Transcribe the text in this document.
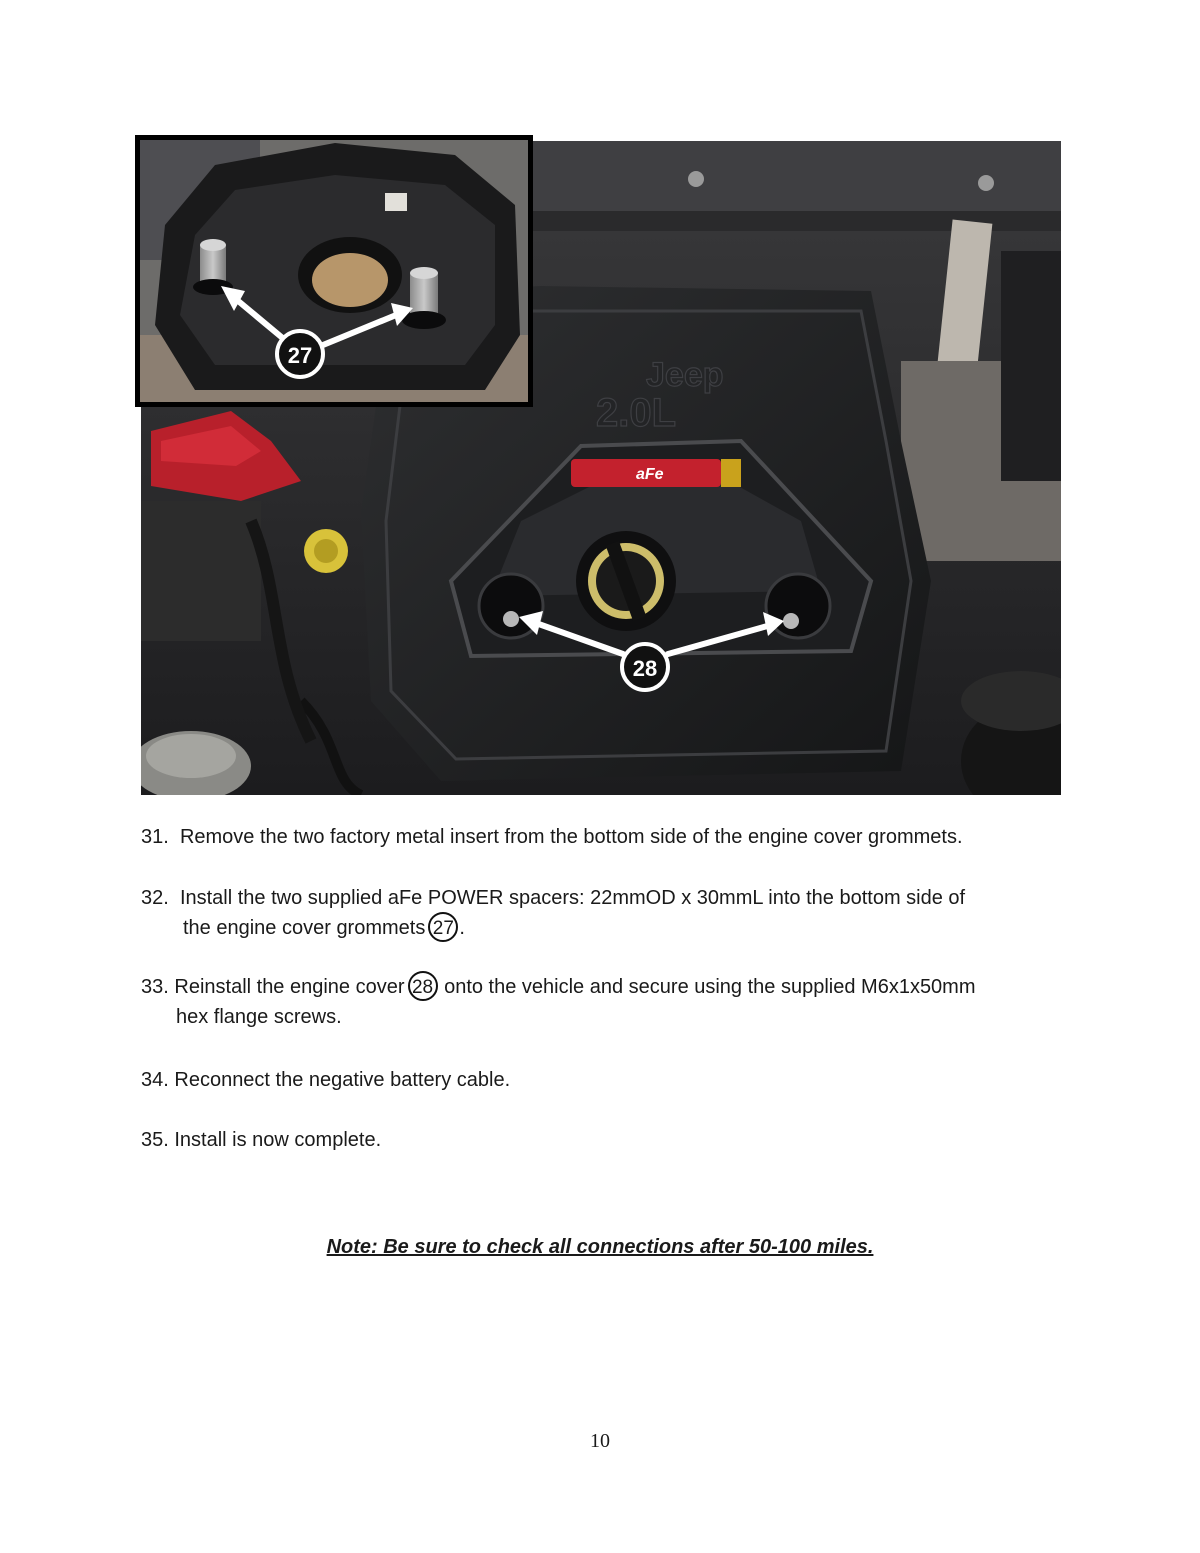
Jeep
2.0L
aFe
28
27
31. Remove the two factory metal insert from the bottom side of the engine cover grommets.
32. Install the two supplied aFe POWER spacers: 22mmOD x 30mmL into the bottom side of
the engine cover grommets 27 .
33. Reinstall the engine cover 28 onto the vehicle and secure using the supplied M6x1x50mm
hex flange screws.
34. Reconnect the negative battery cable.
35. Install is now complete.
Note: Be sure to check all connections after 50-100 miles.
10
